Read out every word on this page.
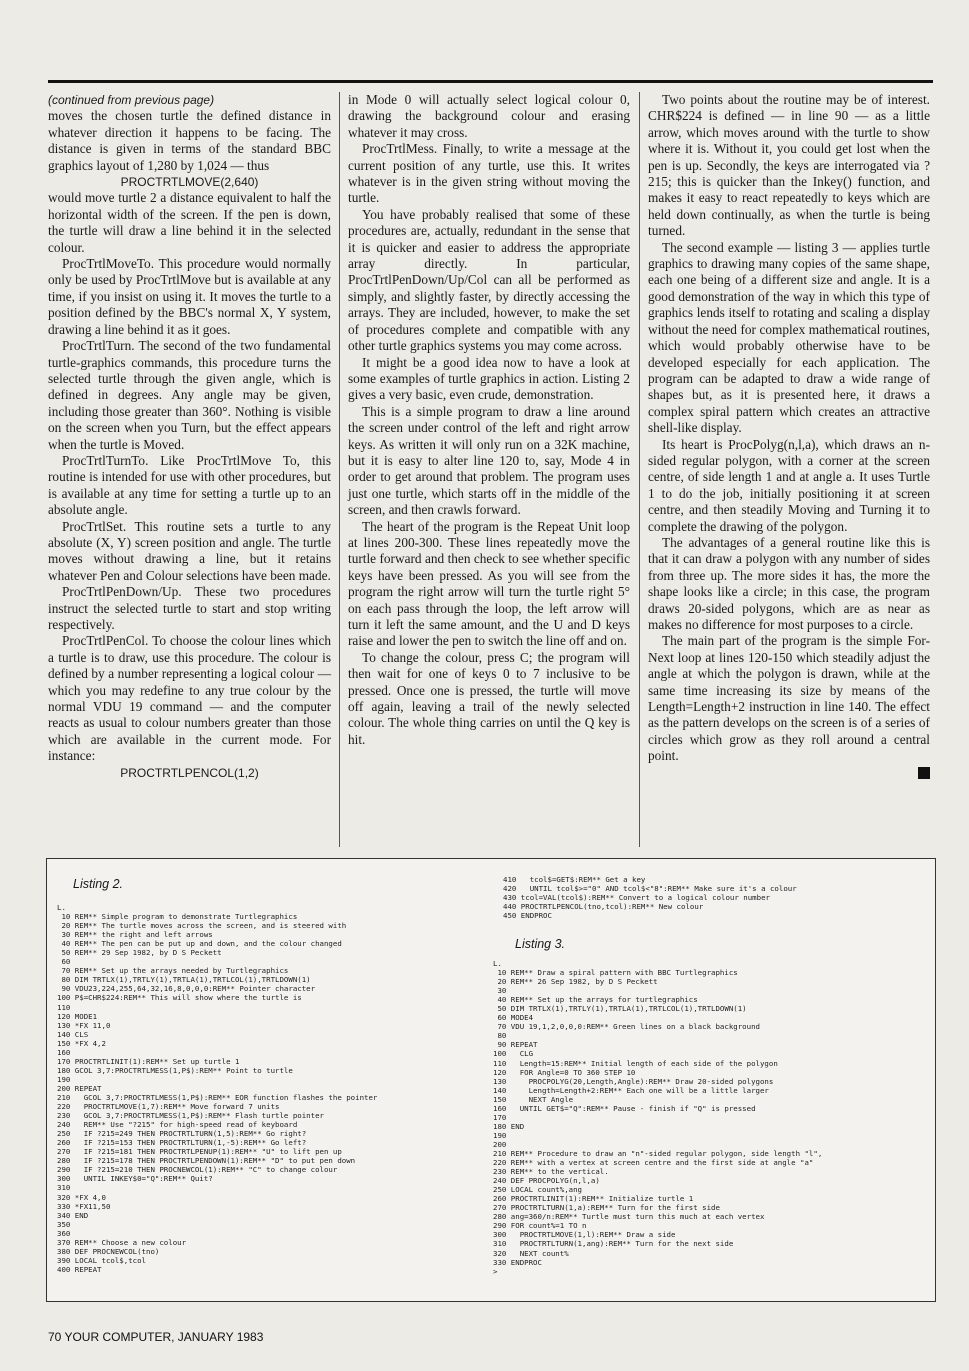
(continued from previous page)

moves the chosen turtle the defined distance in whatever direction it happens to be facing. The distance is given in terms of the standard BBC graphics layout of 1,280 by 1,024 — thus

PROCTRTLMOVE(2,640)

would move turtle 2 a distance equivalent to half the horizontal width of the screen. If the pen is down, the turtle will draw a line behind it in the selected colour.

ProcTrtlMoveTo. This procedure would normally only be used by ProcTrtlMove but is available at any time, if you insist on using it. It moves the turtle to a position defined by the BBC's normal X, Y system, drawing a line behind it as it goes.

ProcTrtlTurn. The second of the two fundamental turtle-graphics commands, this procedure turns the selected turtle through the given angle, which is defined in degrees. Any angle may be given, including those greater than 360°. Nothing is visible on the screen when you Turn, but the effect appears when the turtle is Moved.

ProcTrtlTurnTo. Like ProcTrtlMove To, this routine is intended for use with other procedures, but is available at any time for setting a turtle up to an absolute angle.

ProcTrtlSet. This routine sets a turtle to any absolute (X, Y) screen position and angle. The turtle moves without drawing a line, but it retains whatever Pen and Colour selections have been made.

ProcTrtlPenDown/Up. These two procedures instruct the selected turtle to start and stop writing respectively.

ProcTrtlPenCol. To choose the colour lines which a turtle is to draw, use this procedure. The colour is defined by a number representing a logical colour — which you may redefine to any true colour by the normal VDU 19 command — and the computer reacts as usual to colour numbers greater than those which are available in the current mode. For instance:

PROCTRTLPENCOL(1,2)

in Mode 0 will actually select logical colour 0, drawing the background colour and erasing whatever it may cross.

ProcTrtlMess. Finally, to write a message at the current position of any turtle, use this. It writes whatever is in the given string without moving the turtle.

You have probably realised that some of these procedures are, actually, redundant in the sense that it is quicker and easier to address the appropriate array directly. In particular, ProcTrtlPenDown/Up/Col can all be performed as simply, and slightly faster, by directly accessing the arrays. They are included, however, to make the set of procedures complete and compatible with any other turtle graphics systems you may come across.

It might be a good idea now to have a look at some examples of turtle graphics in action. Listing 2 gives a very basic, even crude, demonstration.

This is a simple program to draw a line around the screen under control of the left and right arrow keys. As written it will only run on a 32K machine, but it is easy to alter line 120 to, say, Mode 4 in order to get around that problem. The program uses just one turtle, which starts off in the middle of the screen, and then crawls forward.

The heart of the program is the Repeat Unit loop at lines 200-300. These lines repeatedly move the turtle forward and then check to see whether specific keys have been pressed. As you will see from the program the right arrow will turn the turtle right 5° on each pass through the loop, the left arrow will turn it left the same amount, and the U and D keys raise and lower the pen to switch the line off and on.

To change the colour, press C; the program will then wait for one of keys 0 to 7 inclusive to be pressed. Once one is pressed, the turtle will move off again, leaving a trail of the newly selected colour. The whole thing carries on until the Q key is hit.

Two points about the routine may be of interest. CHR$224 is defined — in line 90 — as a little arrow, which moves around with the turtle to show where it is. Without it, you could get lost when the pen is up. Secondly, the keys are interrogated via ?215; this is quicker than the Inkey() function, and makes it easy to react repeatedly to keys which are held down continually, as when the turtle is being turned.

The second example — listing 3 — applies turtle graphics to drawing many copies of the same shape, each one being of a different size and angle. It is a good demonstration of the way in which this type of graphics lends itself to rotating and scaling a display without the need for complex mathematical routines, which would probably otherwise have to be developed especially for each application. The program can be adapted to draw a wide range of shapes but, as it is presented here, it draws a complex spiral pattern which creates an attractive shell-like display.

Its heart is ProcPolyg(n,l,a), which draws an n-sided regular polygon, with a corner at the screen centre, of side length 1 and at angle a. It uses Turtle 1 to do the job, initially positioning it at screen centre, and then steadily Moving and Turning it to complete the drawing of the polygon.

The advantages of a general routine like this is that it can draw a polygon with any number of sides from three up. The more sides it has, the more the shape looks like a circle; in this case, the program draws 20-sided polygons, which are as near as makes no difference for most purposes to a circle.

The main part of the program is the simple For-Next loop at lines 120-150 which steadily adjust the angle at which the polygon is drawn, while at the same time increasing its size by means of the Length=Length+2 instruction in line 140. The effect as the pattern develops on the screen is of a series of circles which grow as they roll around a central point.

Listing 2.
L.
10 REM** Simple program to demonstrate Turtlegraphics
20 REM** The turtle moves across the screen, and is steered with
30 REM** the right and left arrows
40 REM** The pen can be put up and down, and the colour changed
50 REM** 29 Sep 1982, by D S Peckett
60
70 REM** Set up the arrays needed by Turtlegraphics
80 DIM TRTLX(1),TRTLY(1),TRTLA(1),TRTLCOL(1),TRTLDOWN(1)
90 VDU23,224,255,64,32,16,8,0,0,0:REM** Pointer character
100 P$=CHR$224:REM** This will show where the turtle is
110
120 MODE1
130 *FX 11,0
140 CLS
150 *FX 4,2
160
170 PROCTRTLINIT(1):REM** Set up turtle 1
180 GCOL 3,7:PROCTRTLMESS(1,P$):REM** Point to turtle
190
200 REPEAT
210   GCOL 3,7:PROCTRTLMESS(1,P$):REM** EOR function flashes the pointer
220   PROCTRTLMOVE(1,7):REM** Move forward 7 units
230   GCOL 3,7:PROCTRTLMESS(1,P$):REM** Flash turtle pointer
240   REM** Use "?215" for high-speed read of keyboard
250   IF ?215=249 THEN PROCTRTLTURN(1,5):REM** Go right?
260   IF ?215=153 THEN PROCTRTLTURN(1,-5):REM** Go left?
270   IF ?215=181 THEN PROCTRTLPENUP(1):REM** "U" to lift pen up
280   IF ?215=178 THEN PROCTRTLPENDOWN(1):REM** "D" to put pen down
290   IF ?215=210 THEN PROCNEWCOL(1):REM** "C" to change colour
300   UNTIL INKEY$0="Q":REM** Quit?
310
320 *FX 4,0
330 *FX11,50
340 END
350
360
370 REM** Choose a new colour
380 DEF PROCNEWCOL(tno)
390 LOCAL tcol$,tcol
400 REPEAT
410   tcol$=GET$:REM** Get a key
420   UNTIL tcol$>="0" AND tcol$<"8":REM** Make sure it's a colour
430 tcol=VAL(tcol$):REM** Convert to a logical colour number
440 PROCTRTLPENCOL(tno,tcol):REM** New colour
450 ENDPROC
Listing 3.
L.
10 REM** Draw a spiral pattern with BBC Turtlegraphics
20 REM** 26 Sep 1982, by D S Peckett
30
40 REM** Set up the arrays for turtlegraphics
50 DIM TRTLX(1),TRTLY(1),TRTLA(1),TRTLCOL(1),TRTLDOWN(1)
60 MODE4
70 VDU 19,1,2,0,0,0:REM** Green lines on a black background
80
90 REPEAT
100   CLG
110   Length=15:REM** Initial length of each side of the polygon
120   FOR Angle=0 TO 360 STEP 10
130     PROCPOLYG(20,Length,Angle):REM** Draw 20-sided polygons
140     Length=Length+2:REM** Each one will be a little larger
150     NEXT Angle
160   UNTIL GET$="Q":REM** Pause - finish if "Q" is pressed
170
180 END
190
200
210 REM** Procedure to draw an "n"-sided regular polygon, side length "l",
220 REM** with a vertex at screen centre and the first side at angle "a"
230 REM** to the vertical.
240 DEF PROCPOLYG(n,l,a)
250 LOCAL count%,ang
260 PROCTRTLINIT(1):REM** Initialize turtle 1
270 PROCTRTLTURN(1,a):REM** Turn for the first side
280 ang=360/n:REM** Turtle must turn this much at each vertex
290 FOR count%=1 TO n
300   PROCTRTLMOVE(1,l):REM** Draw a side
310   PROCTRTLTURN(1,ang):REM** Turn for the next side
320   NEXT count%
330 ENDPROC
>
70 YOUR COMPUTER, JANUARY 1983
